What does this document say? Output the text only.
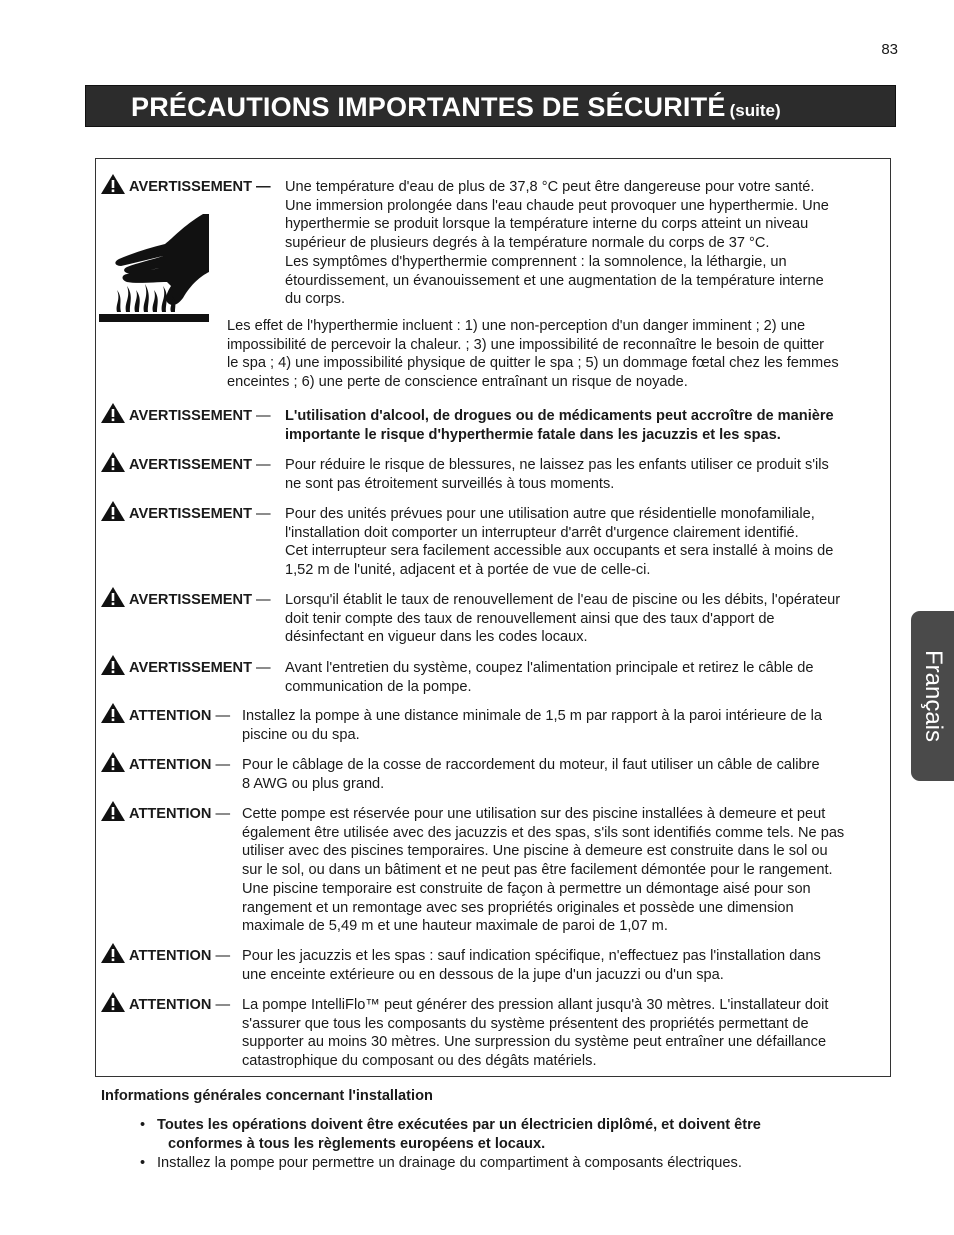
83
PRÉCAUTIONS IMPORTANTES DE SÉCURITÉ (suite)
Français
AVERTISSEMENT — Une température d'eau de plus de 37,8 °C peut être dangereuse pour votre santé.
Une immersion prolongée dans l'eau chaude peut provoquer une hyperthermie. Une
hyperthermie se produit lorsque la température interne du corps atteint un niveau
supérieur de plusieurs degrés à la température normale du corps de 37 °C.
Les symptômes d'hyperthermie comprennent : la somnolence, la léthargie, un
étourdissement, un évanouissement et une augmentation de la température interne
du corps.
Les effet de l'hyperthermie incluent : 1) une non-perception d'un danger imminent ; 2) une
impossibilité de percevoir la chaleur. ; 3) une impossibilité de reconnaître le besoin de quitter
le spa ; 4) une impossibilité physique de quitter le spa ; 5) un dommage fœtal chez les femmes
enceintes ; 6) une perte de conscience entraînant un risque de noyade.
AVERTISSEMENT — L'utilisation d'alcool, de drogues ou de médicaments peut accroître de manière
importante le risque d'hyperthermie fatale dans les jacuzzis et les spas.
AVERTISSEMENT — Pour réduire le risque de blessures, ne laissez pas les enfants utiliser ce produit s'ils
ne sont pas étroitement surveillés à tous moments.
AVERTISSEMENT — Pour des unités prévues pour une utilisation autre que résidentielle monofamiliale,
l'installation doit comporter un interrupteur d'arrêt d'urgence clairement identifié.
Cet interrupteur sera facilement accessible aux occupants et sera installé à moins de
1,52 m de l'unité, adjacent et à portée de vue de celle-ci.
AVERTISSEMENT — Lorsqu'il établit le taux de renouvellement de l'eau de piscine ou les débits, l'opérateur
doit tenir compte des taux de renouvellement ainsi que des taux d'apport de
désinfectant en vigueur dans les codes locaux.
AVERTISSEMENT — Avant l'entretien du système, coupez l'alimentation principale et retirez le câble de
communication de la pompe.
ATTENTION — Installez la pompe à une distance minimale de 1,5 m par rapport à la paroi intérieure de la
piscine ou du spa.
ATTENTION — Pour le câblage de la cosse de raccordement du moteur, il faut utiliser un câble de calibre
8 AWG ou plus grand.
ATTENTION — Cette pompe est réservée pour une utilisation sur des piscine installées à demeure et peut
également être utilisée avec des jacuzzis et des spas, s'ils sont identifiés comme tels. Ne pas
utiliser avec des piscines temporaires. Une piscine à demeure est construite dans le sol ou
sur le sol, ou dans un bâtiment et ne peut pas être facilement démontée pour le rangement.
Une piscine temporaire est construite de façon à permettre un démontage aisé pour son
rangement et un remontage avec ses propriétés originales et possède une dimension
maximale de 5,49 m et une hauteur maximale de paroi de 1,07 m.
ATTENTION — Pour les jacuzzis et les spas : sauf indication spécifique, n'effectuez pas l'installation dans
une enceinte extérieure ou en dessous de la jupe d'un jacuzzi ou d'un spa.
ATTENTION — La pompe IntelliFlo™ peut générer des pression allant jusqu'à 30 mètres. L'installateur doit
s'assurer que tous les composants du système présentent des propriétés permettant de
supporter au moins 30 mètres. Une surpression du système peut entraîner une défaillance
catastrophique du composant ou des dégâts matériels.
Informations générales concernant l'installation
• Toutes les opérations doivent être exécutées par un électricien diplômé, et doivent être
conformes à tous les règlements européens et locaux.
• Installez la pompe pour permettre un drainage du compartiment à composants électriques.
